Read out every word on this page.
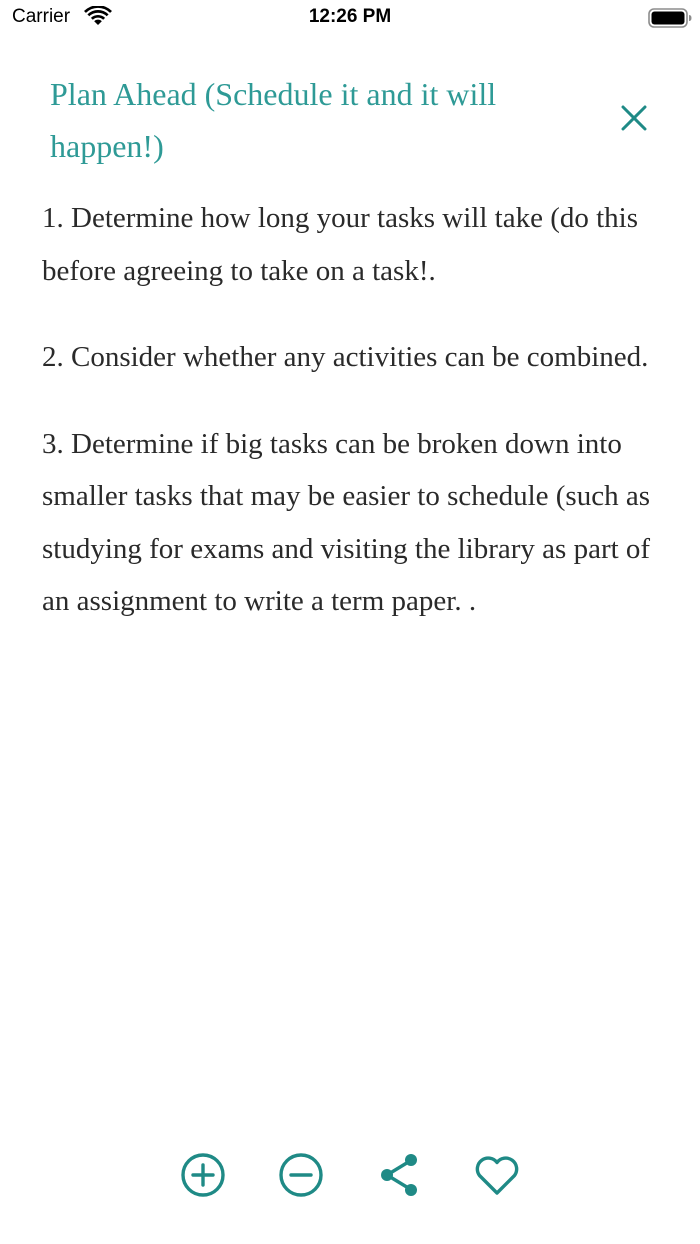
Carrier	12:26 PM
Plan Ahead (Schedule it and it will happen!)

1. Determine how long your tasks will take (do this before agreeing to take on a task!.

2. Consider whether any activities can be combined.

3. Determine if big tasks can be broken down into smaller tasks that may be easier to schedule (such as studying for exams and visiting the library as part of an assignment to write a term paper. .
